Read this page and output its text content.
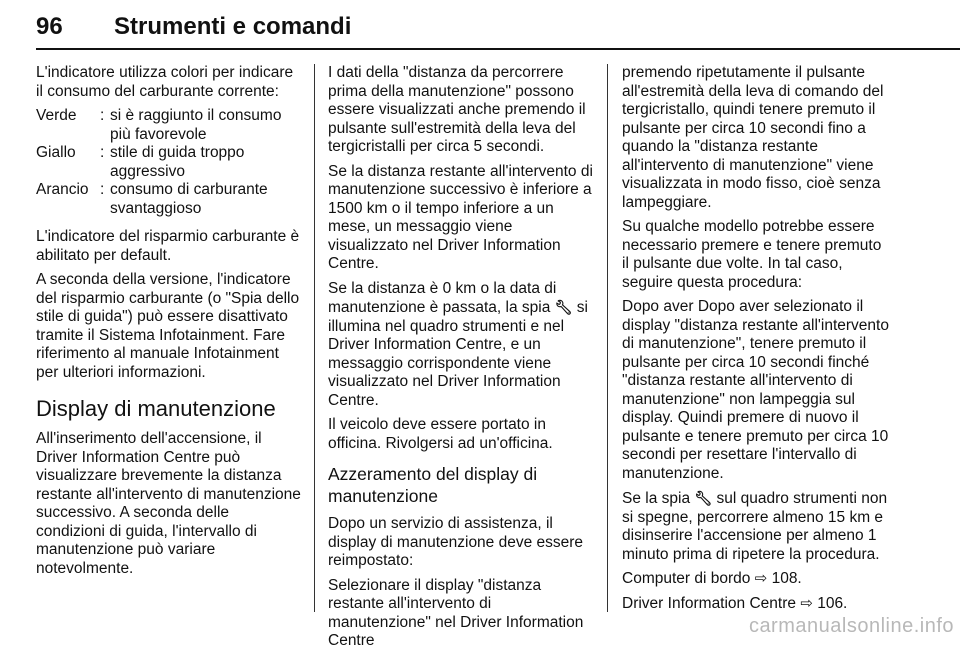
96 Strumenti e comandi

L'indicatore utilizza colori per indicare il consumo del carburante corrente:

Verde	: si è raggiunto il consumo più favorevole
Giallo	: stile di guida troppo aggressivo
Arancio : consumo di carburante svantaggioso

L'indicatore del risparmio carburante è abilitato per default.

A seconda della versione, l'indicatore del risparmio carburante (o "Spia dello stile di guida") può essere disattivato tramite il Sistema Infotainment. Fare riferimento al manuale Infotainment per ulteriori informazioni.

Display di manutenzione

All'inserimento dell'accensione, il Driver Information Centre può visualizzare brevemente la distanza restante all'intervento di manutenzione successivo. A seconda delle condizioni di guida, l'intervallo di manutenzione può variare notevolmente.

I dati della "distanza da percorrere prima della manutenzione" possono essere visualizzati anche premendo il pulsante sull'estremità della leva del tergicristalli per circa 5 secondi.

Se la distanza restante all'intervento di manutenzione successivo è inferiore a 1500 km o il tempo inferiore a un mese, un messaggio viene visualizzato nel Driver Information Centre.

Se la distanza è 0 km o la data di manutenzione è passata, la spia 🔧︎ si illumina nel quadro strumenti e nel Driver Information Centre, e un messaggio corrispondente viene visualizzato nel Driver Information Centre.

Il veicolo deve essere portato in officina. Rivolgersi ad un'officina.

Azzeramento del display di manutenzione

Dopo un servizio di assistenza, il display di manutenzione deve essere reimpostato:

Selezionare il display "distanza restante all'intervento di manutenzione" nel Driver Information Centre

premendo ripetutamente il pulsante all'estremità della leva di comando del tergicristallo, quindi tenere premuto il pulsante per circa 10 secondi fino a quando la "distanza restante all'intervento di manutenzione" viene visualizzata in modo fisso, cioè senza lampeggiare.

Su qualche modello potrebbe essere necessario premere e tenere premuto il pulsante due volte. In tal caso, seguire questa procedura:

Dopo aver Dopo aver selezionato il display "distanza restante all'intervento di manutenzione", tenere premuto il pulsante per circa 10 secondi finché "distanza restante all'intervento di manutenzione" non lampeggia sul display. Quindi premere di nuovo il pulsante e tenere premuto per circa 10 secondi per resettare l'intervallo di manutenzione.

Se la spia 🔧︎ sul quadro strumenti non si spegne, percorrere almeno 15 km e disinserire l'accensione per almeno 1 minuto prima di ripetere la procedura.

Computer di bordo ⇨ 108.

Driver Information Centre ⇨ 106.

carmanualsonline.info
